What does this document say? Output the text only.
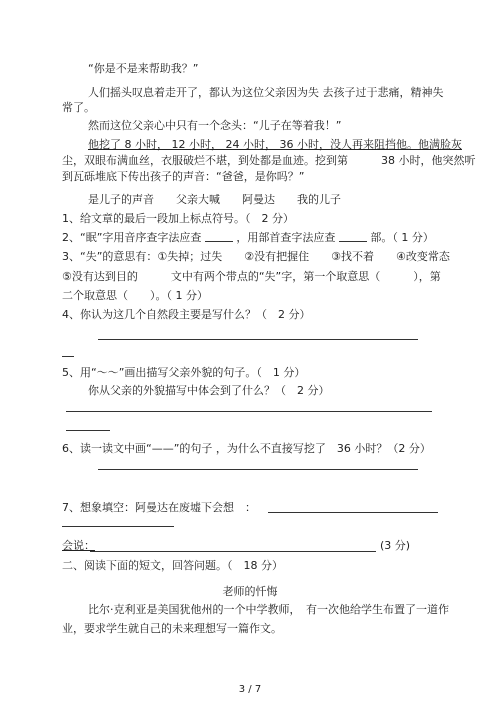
“你是不是来帮助我？”
人们摇头叹息着走开了，都认为这位父亲因为失 去孩子过于悲痛，精神失
常了。
然而这位父亲心中只有一个念头：“儿子在等着我！”
他挖了 8 小时， 12 小时， 24 小时， 36 小时，没人再来阻挡他。他满脸灰
尘，双眼布满血丝，衣服破烂不堪，到处都是血迹。挖到第	38 小时，他突然听
到瓦砾堆底下传出孩子的声音：“爸爸，是你吗？”
是儿子的声音　　父亲大喊　　阿曼达　　我的儿子
1、给文章的最后一段加上标点符号。（　2 分）
2、“眠”字用音序查字法应查	，用部首查字法应查	部。（ 1 分）
3、“失”的意思有：①失掉；过失　　②没有把握住　　③找不着　　④改变常态
⑤没有达到目的　　　文中有两个带点的“失”字，第一个取意思（　　　），第
二个取意思（　　）。（ 1 分）
4、你认为这几个自然段主要是写什么？（　2 分）
5、用“～～”画出描写父亲外貌的句子。（　1 分）
你从父亲的外貌描写中体会到了什么？（　2 分）
6、读一读文中画“——”的句子 ，为什么不直接写挖了　36 小时？（2 分）
7、想象填空：阿曼达在废墟下会想　：
会说：	(3 分)
二、阅读下面的短文，回答问题。（　18 分）
老师的忏悔
比尔·克利亚是美国犹他州的一个中学教师，　有一次他给学生布置了一道作
业，要求学生就自己的未来理想写一篇作文。
3 / 7
